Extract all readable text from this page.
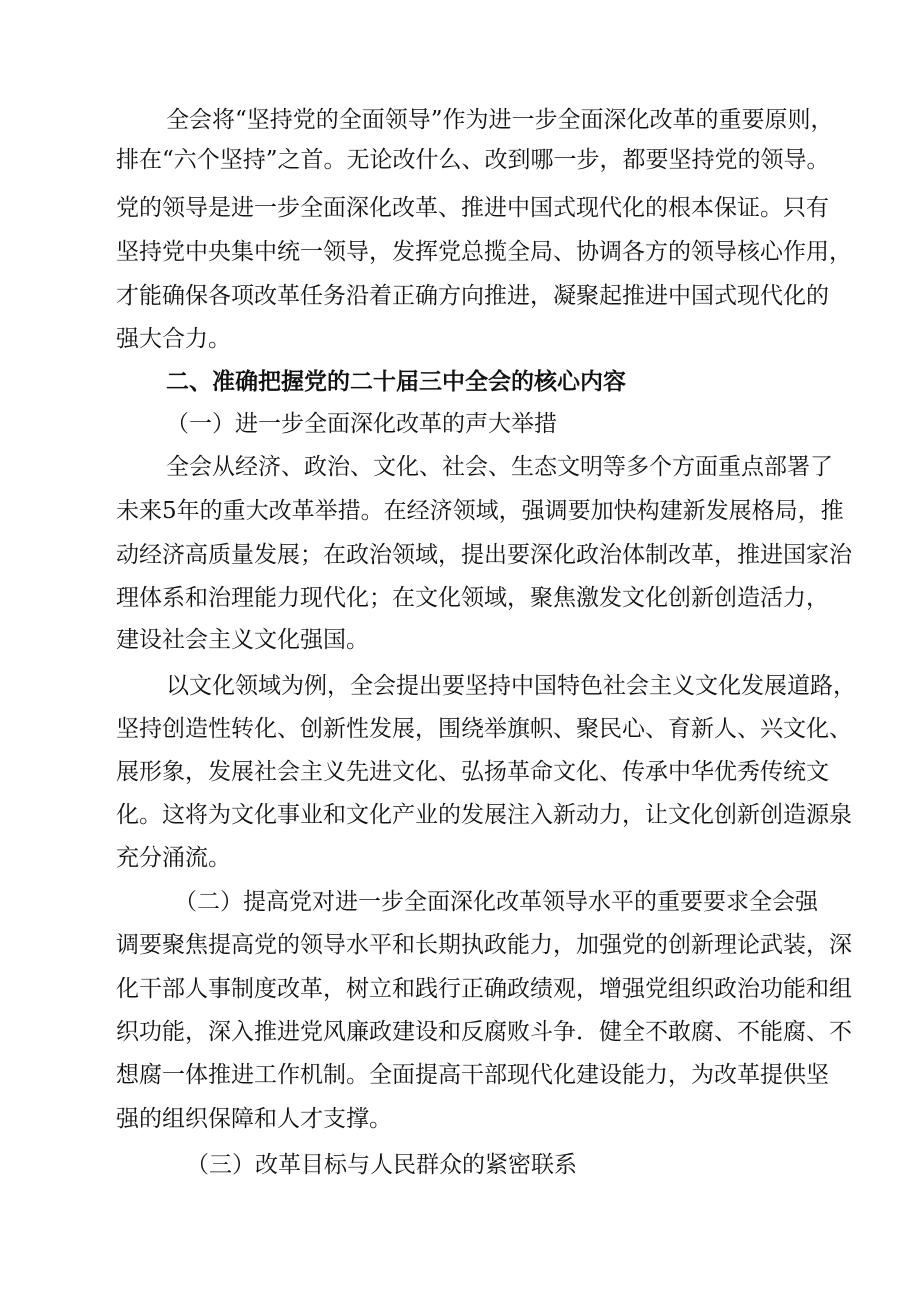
全会将“坚持党的全面领导”作为进一步全面深化改革的重要原则，
排在“六个坚持”之首。无论改什么、改到哪一步，都要坚持党的领导。
党的领导是进一步全面深化改革、推进中国式现代化的根本保证。只有
坚持党中央集中统一领导，发挥党总揽全局、协调各方的领导核心作用，
才能确保各项改革任务沿着正确方向推进，凝聚起推进中国式现代化的
强大合力。
二、准确把握党的二十届三中全会的核心内容
（一）进一步全面深化改革的声大举措
全会从经济、政治、文化、社会、生态文明等多个方面重点部署了
未来5年的重大改革举措。在经济领域，强调要加快构建新发展格局，推
动经济高质量发展；在政治领域，提出要深化政治体制改革，推进国家治
理体系和治理能力现代化；在文化领域，聚焦激发文化创新创造活力，
建设社会主义文化强国。
以文化领域为例，全会提出要坚持中国特色社会主义文化发展道路，
坚持创造性转化、创新性发展，围绕举旗帜、聚民心、育新人、兴文化、
展形象，发展社会主义先进文化、弘扬革命文化、传承中华优秀传统文
化。这将为文化事业和文化产业的发展注入新动力，让文化创新创造源泉
充分涌流。
（二）提高党对进一步全面深化改革领导水平的重要要求全会强
调要聚焦提高党的领导水平和长期执政能力，加强党的创新理论武装，深
化干部人事制度改革，树立和践行正确政绩观，增强党组织政治功能和组
织功能，深入推进党风廉政建设和反腐败斗争．健全不敢腐、不能腐、不
想腐一体推进工作机制。全面提高干部现代化建设能力，为改革提供坚
强的组织保障和人才支撑。
（三）改革目标与人民群众的紧密联系
